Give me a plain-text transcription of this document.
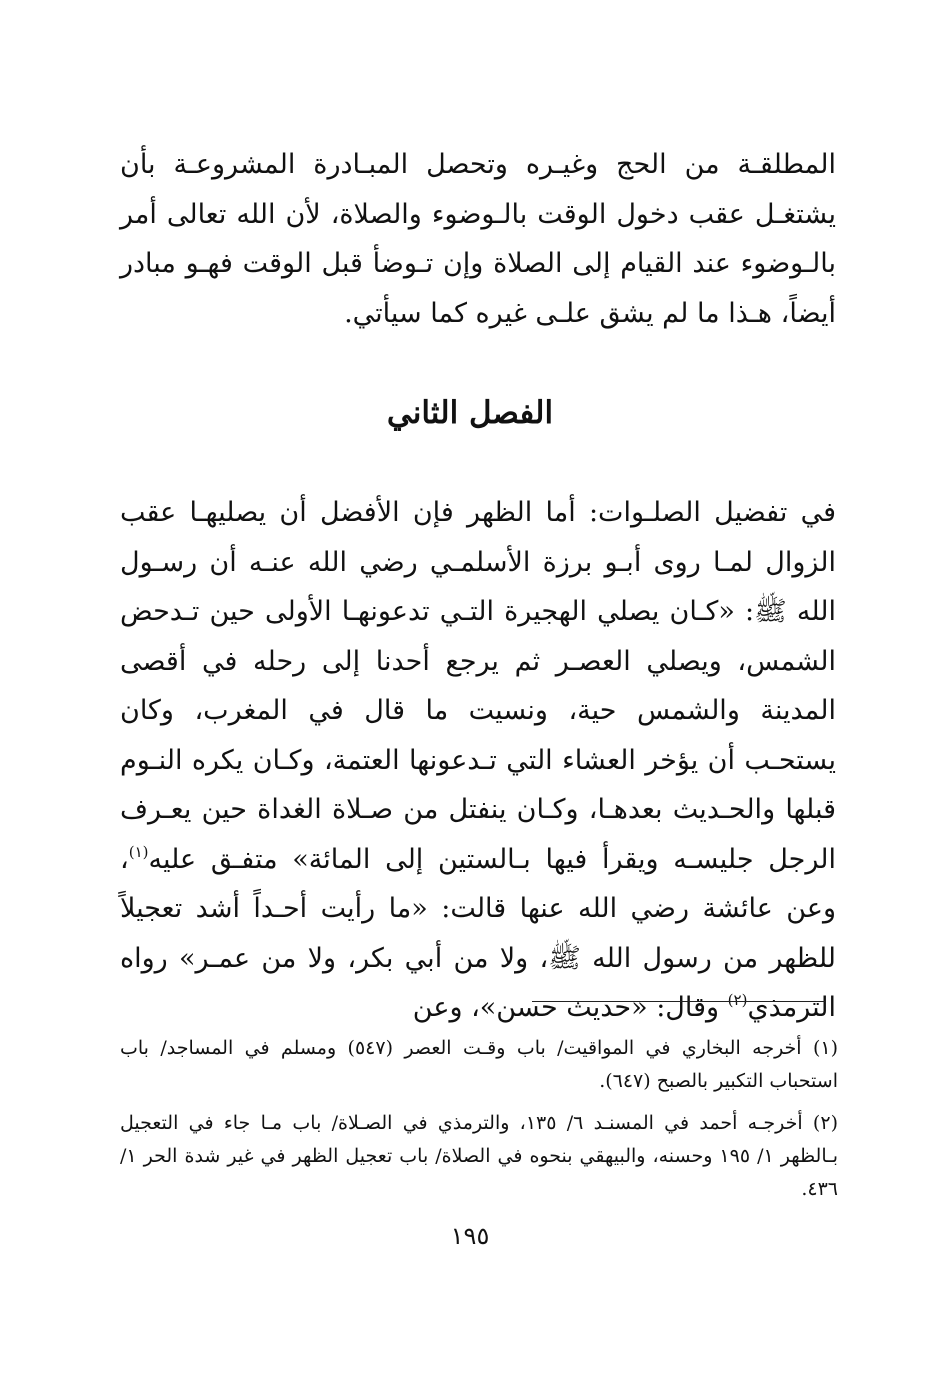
المطلقـة من الحج وغيـره وتحصل المبـادرة المشروعـة بأن يشتغـل عقب دخول الوقت بالـوضوء والصلاة، لأن الله تعالى أمر بالـوضوء عند القيام إلى الصلاة وإن تـوضأ قبل الوقت فهـو مبادر أيضاً، هـذا ما لم يشق علـى غيره كما سيأتي.
الفصل الثاني
في تفضيل الصلـوات: أما الظهر فإن الأفضل أن يصليهـا عقب الزوال لمـا روى أبـو برزة الأسلمـي رضي الله عنـه أن رسـول الله ﷺ: «كـان يصلي الهجيرة التـي تدعونهـا الأولى حين تـدحض الشمس، ويصلي العصـر ثم يرجع أحدنا إلى رحله في أقصى المدينة والشمس حية، ونسيت ما قال في المغرب، وكان يستحـب أن يؤخر العشاء التي تـدعونها العتمة، وكـان يكره النـوم قبلها والحـديث بعدهـا، وكـان ينفتل من صـلاة الغداة حين يعـرف الرجل جليسـه ويقرأ فيها بـالستين إلى المائة» متفـق عليه$^{(١)}$، وعن عائشة رضي الله عنها قالت: «ما رأيت أحـداً أشد تعجيلاً للظهر من رسول الله ﷺ، ولا من أبي بكر، ولا من عمـر» رواه الترمذي$^{(٢)}$ وقال: «حديث حسن»، وعن
(١) أخرجه البخاري في المواقيت/ باب وقـت العصر (٥٤٧) ومسلم في المساجد/ باب استحباب التكبير بالصبح (٦٤٧).
(٢) أخرجـه أحمد في المسنـد ٦/ ١٣٥، والترمذي في الصـلاة/ باب مـا جاء في التعجيل بـالظهر ١/ ١٩٥ وحسنه، والبيهقي بنحوه في الصلاة/ باب تعجيل الظهر في غير شدة الحر ١/ ٤٣٦.
١٩٥
